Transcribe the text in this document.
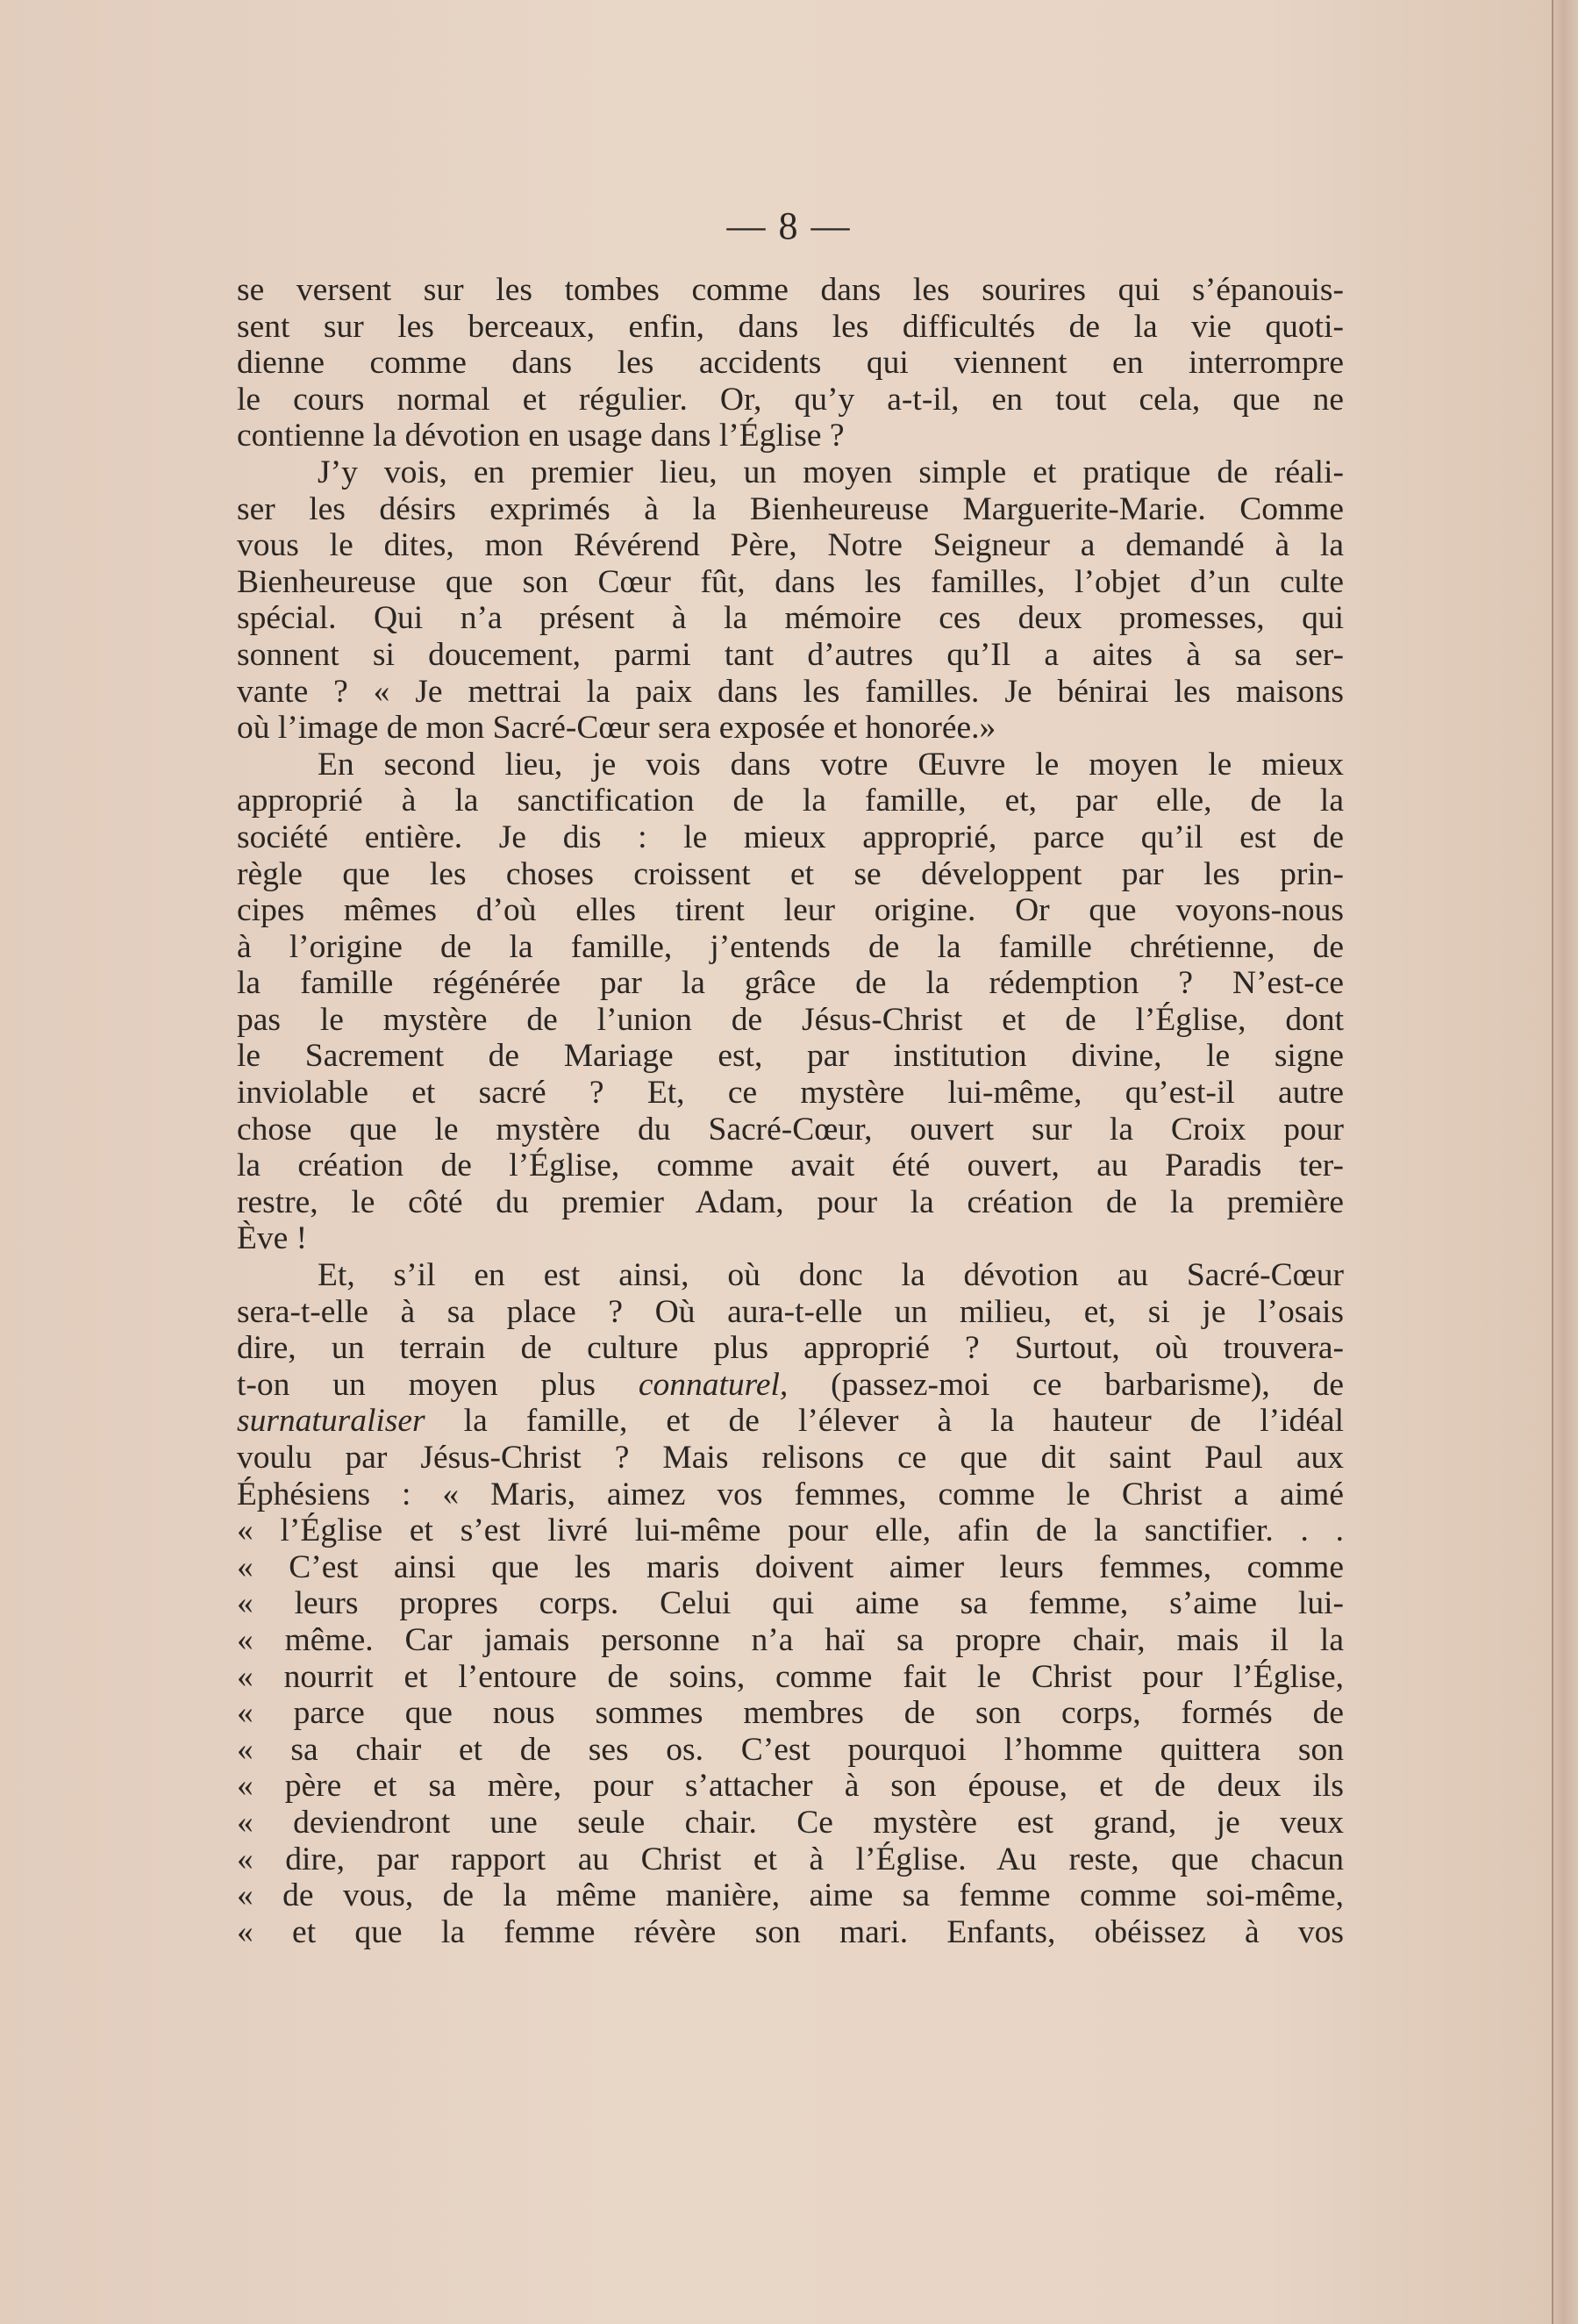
— 8 —
se versent sur les tombes comme dans les sourires qui s’épanouis-
sent sur les berceaux, enfin, dans les difficultés de la vie quoti-
dienne comme dans les accidents qui viennent en interrompre
le cours normal et régulier. Or, qu’y a-t-il, en tout cela, que ne
contienne la dévotion en usage dans l’Église ?
J’y vois, en premier lieu, un moyen simple et pratique de réali-
ser les désirs exprimés à la Bienheureuse Marguerite-Marie. Comme
vous le dites, mon Révérend Père, Notre Seigneur a demandé à la
Bienheureuse que son Cœur fût, dans les familles, l’objet d’un culte
spécial. Qui n’a présent à la mémoire ces deux promesses, qui
sonnent si doucement, parmi tant d’autres qu’Il a aites à sa ser-
vante ? « Je mettrai la paix dans les familles. Je bénirai les maisons
où l’image de mon Sacré-Cœur sera exposée et honorée.»
En second lieu, je vois dans votre Œuvre le moyen le mieux
approprié à la sanctification de la famille, et, par elle, de la
société entière. Je dis : le mieux approprié, parce qu’il est de
règle que les choses croissent et se développent par les prin-
cipes mêmes d’où elles tirent leur origine. Or que voyons-nous
à l’origine de la famille, j’entends de la famille chrétienne, de
la famille régénérée par la grâce de la rédemption ? N’est-ce
pas le mystère de l’union de Jésus-Christ et de l’Église, dont
le Sacrement de Mariage est, par institution divine, le signe
inviolable et sacré ? Et, ce mystère lui-même, qu’est-il autre
chose que le mystère du Sacré-Cœur, ouvert sur la Croix pour
la création de l’Église, comme avait été ouvert, au Paradis ter-
restre, le côté du premier Adam, pour la création de la première
Ève !
Et, s’il en est ainsi, où donc la dévotion au Sacré-Cœur
sera-t-elle à sa place ? Où aura-t-elle un milieu, et, si je l’osais
dire, un terrain de culture plus approprié ? Surtout, où trouvera-
t-on un moyen plus connaturel, (passez-moi ce barbarisme), de
surnaturaliser la famille, et de l’élever à la hauteur de l’idéal
voulu par Jésus-Christ ? Mais relisons ce que dit saint Paul aux
Éphésiens : « Maris, aimez vos femmes, comme le Christ a aimé
« l’Église et s’est livré lui-même pour elle, afin de la sanctifier. . .
« C’est ainsi que les maris doivent aimer leurs femmes, comme
« leurs propres corps. Celui qui aime sa femme, s’aime lui-
« même. Car jamais personne n’a haï sa propre chair, mais il la
« nourrit et l’entoure de soins, comme fait le Christ pour l’Église,
« parce que nous sommes membres de son corps, formés de
« sa chair et de ses os. C’est pourquoi l’homme quittera son
« père et sa mère, pour s’attacher à son épouse, et de deux ils
« deviendront une seule chair. Ce mystère est grand, je veux
« dire, par rapport au Christ et à l’Église. Au reste, que chacun
« de vous, de la même manière, aime sa femme comme soi-même,
« et que la femme révère son mari. Enfants, obéissez à vos
